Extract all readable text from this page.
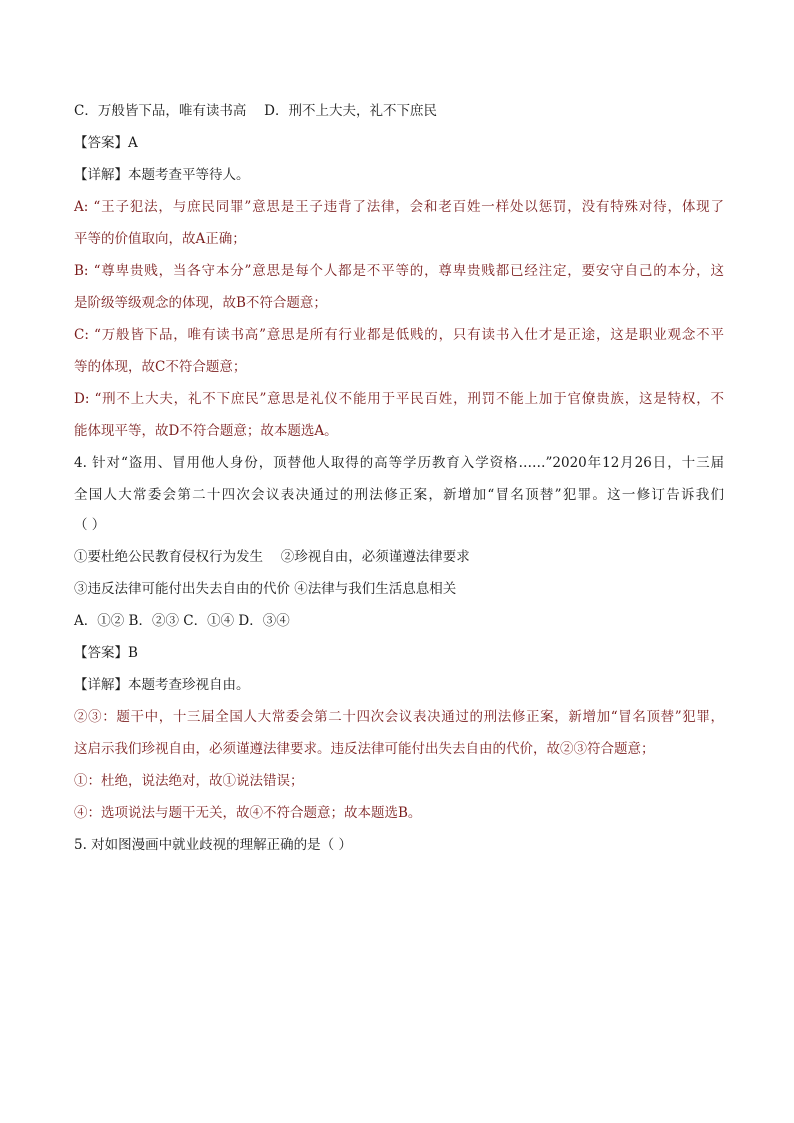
C．万般皆下品，唯有读书高　 D．刑不上大夫，礼不下庶民
【答案】A
【详解】本题考查平等待人。
A: “王子犯法，与庶民同罪”意思是王子违背了法律，会和老百姓一样处以惩罚，没有特殊对待，体现了
平等的价值取向，故A正确；
B: “尊卑贵贱，当各守本分”意思是每个人都是不平等的，尊卑贵贱都已经注定，要安守自己的本分，这
是阶级等级观念的体现，故B不符合题意；
C: “万般皆下品，唯有读书高”意思是所有行业都是低贱的，只有读书入仕才是正途，这是职业观念不平
等的体现，故C不符合题意；
D: “刑不上大夫，礼不下庶民”意思是礼仪不能用于平民百姓，刑罚不能上加于官僚贵族，这是特权，不
能体现平等，故D不符合题意；故本题选A。
4. 针对“盗用、冒用他人身份，顶替他人取得的高等学历教育入学资格……”2020年12月26日，十三届
全国人大常委会第二十四次会议表决通过的刑法修正案，新增加“冒名顶替”犯罪。这一修订告诉我们
（ ）
①要杜绝公民教育侵权行为发生　 ②珍视自由，必须谨遵法律要求
③违反法律可能付出失去自由的代价 ④法律与我们生活息息相关
A．①② B．②③ C．①④ D．③④
【答案】B
【详解】本题考查珍视自由。
②③：题干中，十三届全国人大常委会第二十四次会议表决通过的刑法修正案，新增加“冒名顶替”犯罪，
这启示我们珍视自由，必须谨遵法律要求。违反法律可能付出失去自由的代价，故②③符合题意；
①：杜绝，说法绝对，故①说法错误；
④：选项说法与题干无关，故④不符合题意；故本题选B。
5. 对如图漫画中就业歧视的理解正确的是（ ）
